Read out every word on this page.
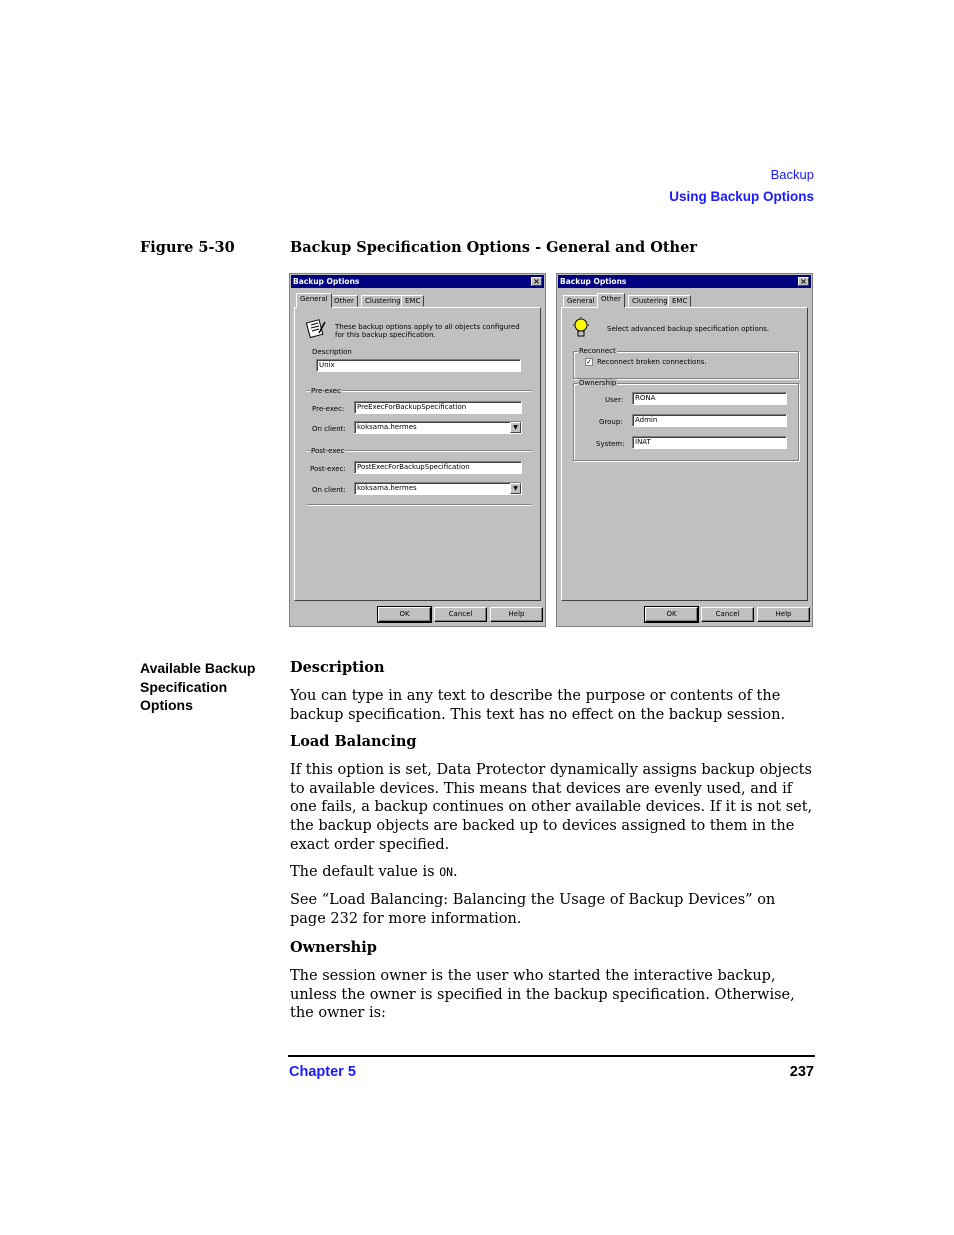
Backup
Using Backup Options
Figure 5-30	Backup Specification Options - General and Other
Backup Options	×
General Other	Clustering EMC
These backup options apply to all objects configured
for this backup specification.
Description
Unix
Pre-exec
Pre-exec:	PreExecForBackupSpecification
On client:	koksama.hermes	▼
Post-exec
Post-exec:	PostExecForBackupSpecification
On client:	koksama.hermes	▼
OK	Cancel	Help
Backup Options	×
General Other	Clustering EMC
Select advanced backup specification options.
Reconnect
✓ Reconnect broken connections.
Ownership
User:	RONA
Group:	Admin
System:	INAT
OK	Cancel	Help
Available Backup Specification Options
Description
You can type in any text to describe the purpose or contents of the backup specification. This text has no effect on the backup session.
Load Balancing
If this option is set, Data Protector dynamically assigns backup objects to available devices. This means that devices are evenly used, and if one fails, a backup continues on other available devices. If it is not set, the backup objects are backed up to devices assigned to them in the exact order specified.
The default value is ON.
See “Load Balancing: Balancing the Usage of Backup Devices” on page 232 for more information.
Ownership
The session owner is the user who started the interactive backup, unless the owner is specified in the backup specification. Otherwise, the owner is:
Chapter 5	237
